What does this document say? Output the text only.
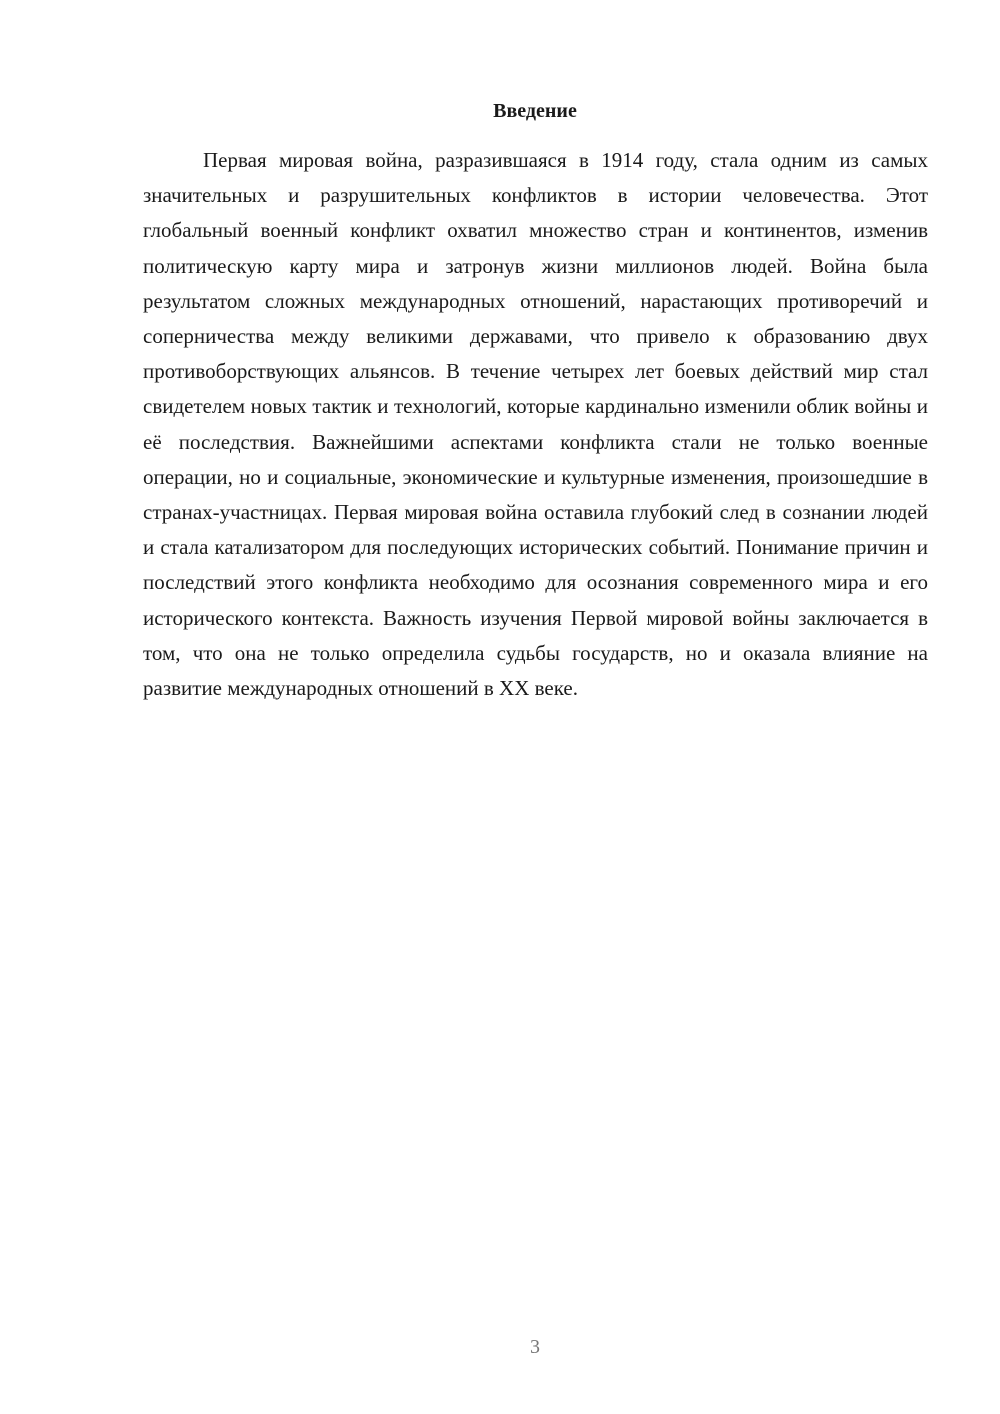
Введение

Первая мировая война, разразившаяся в 1914 году, стала одним из самых значительных и разрушительных конфликтов в истории человечества. Этот глобальный военный конфликт охватил множество стран и континентов, изменив политическую карту мира и затронув жизни миллионов людей. Война была результатом сложных международных отношений, нарастающих противоречий и соперничества между великими державами, что привело к образованию двух противоборствующих альянсов. В течение четырех лет боевых действий мир стал свидетелем новых тактик и технологий, которые кардинально изменили облик войны и её последствия. Важнейшими аспектами конфликта стали не только военные операции, но и социальные, экономические и культурные изменения, произошедшие в странах-участницах. Первая мировая война оставила глубокий след в сознании людей и стала катализатором для последующих исторических событий. Понимание причин и последствий этого конфликта необходимо для осознания современного мира и его исторического контекста. Важность изучения Первой мировой войны заключается в том, что она не только определила судьбы государств, но и оказала влияние на развитие международных отношений в XX веке.

3
